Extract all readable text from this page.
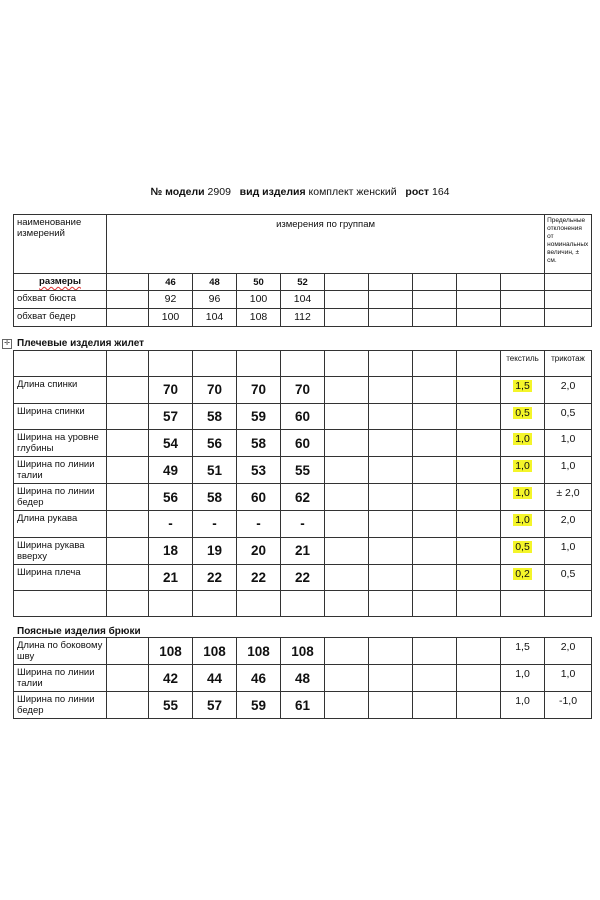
№ модели 2909 вид изделия комплект женский рост 164
наименование измерений	измерения по группам										Предельные отклонения от номинальных величин, ± см.
размеры		46	48	50	52						
обхват бюста		92	96	100	104						
обхват бедер		100	104	108	112						
✛ Плечевые изделия жилет
										текстиль	трикотаж
Длина спинки		70	70	70	70					1,5	2,0
Ширина спинки		57	58	59	60					0,5	0,5
Ширина на уровне глубины		54	56	58	60					1,0	1,0
Ширина по линии талии		49	51	53	55					1,0	1,0
Ширина по линии бедер		56	58	60	62					1,0	± 2,0
Длина рукава		-	-	-	-					1,0	2,0
Ширина рукава вверху		18	19	20	21					0,5	1,0
Ширина плеча		21	22	22	22					0,2	0,5

Поясные изделия брюки
Длина по боковому шву		108	108	108	108					1,5	2,0
Ширина по линии талии		42	44	46	48					1,0	1,0
Ширина по линии бедер		55	57	59	61					1,0	-1,0
